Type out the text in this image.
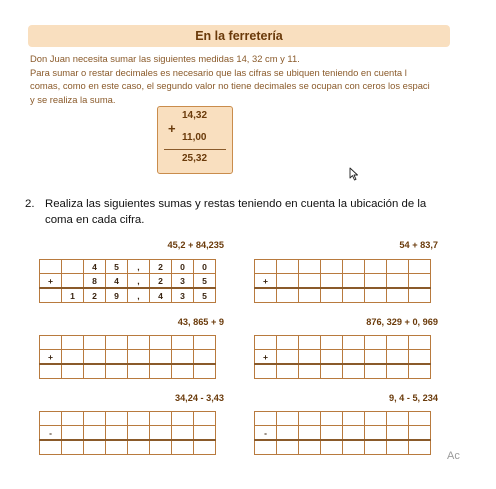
En la ferretería
Don Juan necesita sumar las siguientes medidas 14, 32 cm y 11.
Para sumar o restar decimales es necesario que las cifras se ubiquen teniendo en cuenta l
comas, como en este caso, el segundo valor no tiene decimales se ocupan con ceros los espaci
y se realiza la suma.
14,32
+
11,00
25,32
2. Realiza las siguientes sumas y restas teniendo en cuenta la ubicación de la coma en cada cifra.
45,2 + 84,235
		4	5	,	2	0	0
+		8	4	,	2	3	5
	1	2	9	,	4	3	5
54 + 83,7

+							

43, 865 + 9

+							

876, 329 + 0, 969

+							

34,24 - 3,43

-							

9, 4 - 5, 234

-							

Ac
